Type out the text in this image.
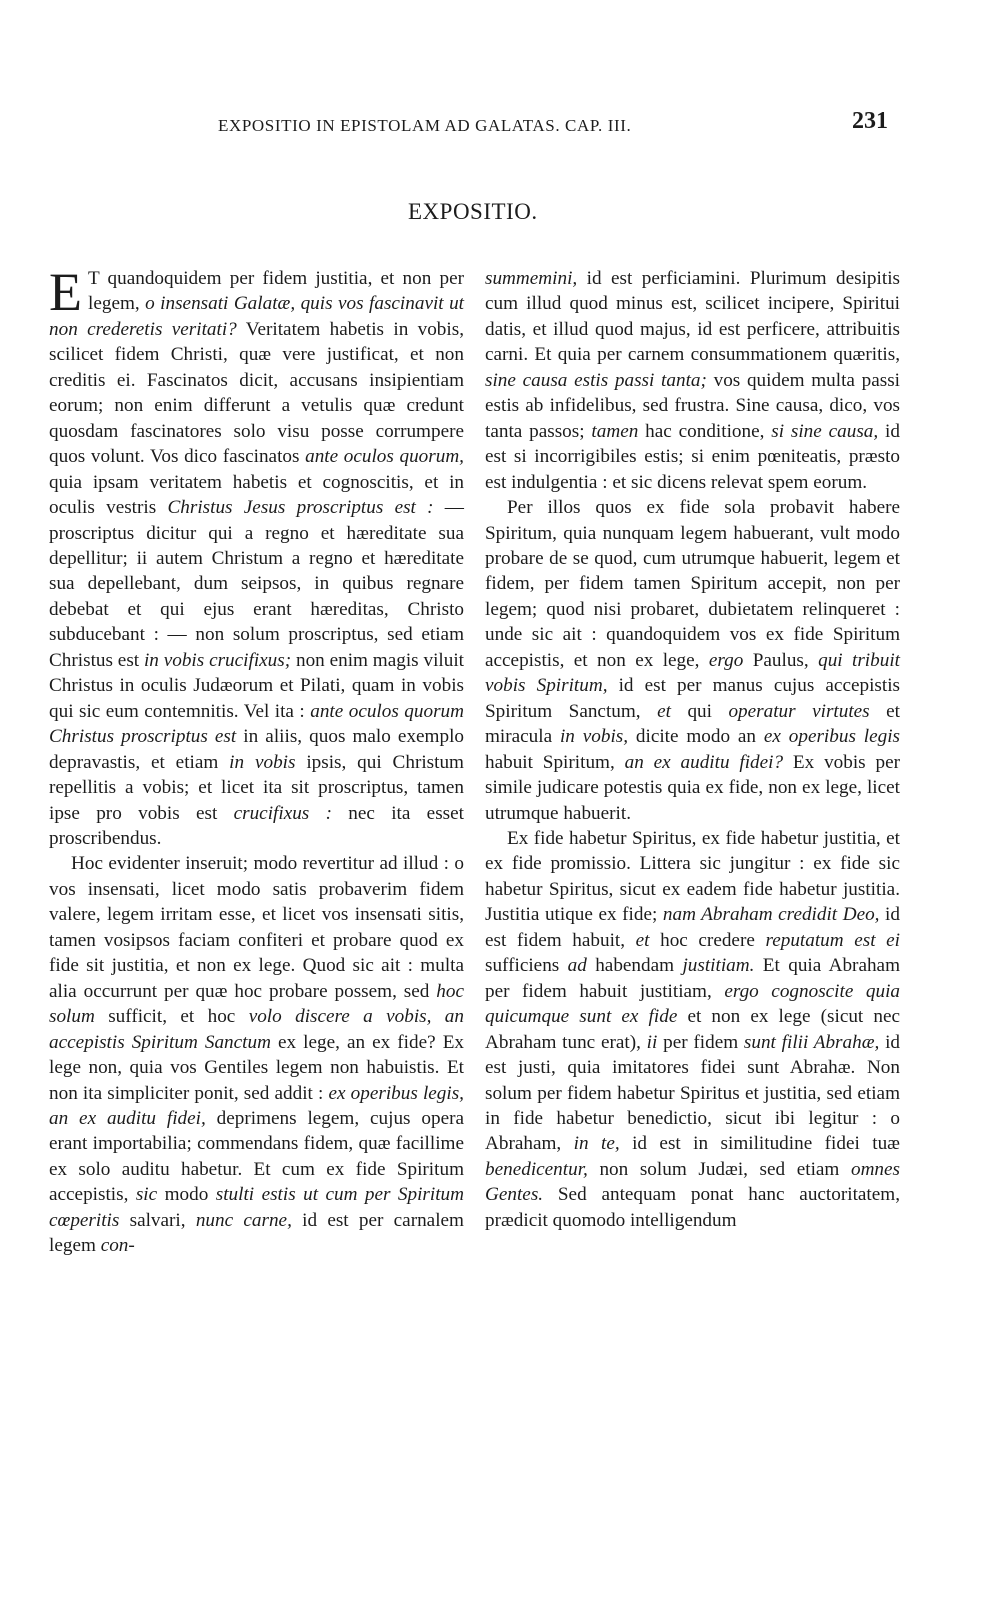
EXPOSITIO IN EPISTOLAM AD GALATAS. CAP. III.	231
EXPOSITIO.

E T quandoquidem per fidem justitia, et non per legem, o insensati Galatæ, quis vos fascinavit ut non crederetis veritati? Veritatem habetis in vobis, scilicet fidem Christi, quæ vere justificat, et non creditis ei. Fascinatos dicit, accusans insipientiam eorum; non enim differunt a vetulis quæ credunt quosdam fascinatores solo visu posse corrumpere quos volunt. Vos dico fascinatos ante oculos quorum, quia ipsam veritatem habetis et cognoscitis, et in oculis vestris Christus Jesus proscriptus est : — proscriptus dicitur qui a regno et hæreditate sua depellitur; ii autem Christum a regno et hæreditate sua depellebant, dum seipsos, in quibus regnare debebat et qui ejus erant hæreditas, Christo subducebant : — non solum proscriptus, sed etiam Christus est in vobis crucifixus; non enim magis viluit Christus in oculis Judæorum et Pilati, quam in vobis qui sic eum contemnitis. Vel ita : ante oculos quorum Christus proscriptus est in aliis, quos malo exemplo depravastis, et etiam in vobis ipsis, qui Christum repellitis a vobis; et licet ita sit proscriptus, tamen ipse pro vobis est crucifixus : nec ita esset proscribendus.

Hoc evidenter inseruit; modo revertitur ad illud : o vos insensati, licet modo satis probaverim fidem valere, legem irritam esse, et licet vos insensati sitis, tamen vosipsos faciam confiteri et probare quod ex fide sit justitia, et non ex lege. Quod sic ait : multa alia occurrunt per quæ hoc probare possem, sed hoc solum sufficit, et hoc volo discere a vobis, an accepistis Spiritum Sanctum ex lege, an ex fide? Ex lege non, quia vos Gentiles legem non habuistis. Et non ita simpliciter ponit, sed addit : ex operibus legis, an ex auditu fidei, deprimens legem, cujus opera erant importabilia; commendans fidem, quæ facillime ex solo auditu habetur. Et cum ex fide Spiritum accepistis, sic modo stulti estis ut cum per Spiritum cœperitis salvari, nunc carne, id est per carnalem legem con-

summemini, id est perficiamini. Plurimum desipitis cum illud quod minus est, scilicet incipere, Spiritui datis, et illud quod majus, id est perficere, attribuitis carni. Et quia per carnem consummationem quæritis, sine causa estis passi tanta; vos quidem multa passi estis ab infidelibus, sed frustra. Sine causa, dico, vos tanta passos; tamen hac conditione, si sine causa, id est si incorrigibiles estis; si enim pœniteatis, præsto est indulgentia : et sic dicens relevat spem eorum.

Per illos quos ex fide sola probavit habere Spiritum, quia nunquam legem habuerant, vult modo probare de se quod, cum utrumque habuerit, legem et fidem, per fidem tamen Spiritum accepit, non per legem; quod nisi probaret, dubietatem relinqueret : unde sic ait : quandoquidem vos ex fide Spiritum accepistis, et non ex lege, ergo Paulus, qui tribuit vobis Spiritum, id est per manus cujus accepistis Spiritum Sanctum, et qui operatur virtutes et miracula in vobis, dicite modo an ex operibus legis habuit Spiritum, an ex auditu fidei? Ex vobis per simile judicare potestis quia ex fide, non ex lege, licet utrumque habuerit.

Ex fide habetur Spiritus, ex fide habetur justitia, et ex fide promissio. Littera sic jungitur : ex fide sic habetur Spiritus, sicut ex eadem fide habetur justitia. Justitia utique ex fide; nam Abraham credidit Deo, id est fidem habuit, et hoc credere reputatum est ei sufficiens ad habendam justitiam. Et quia Abraham per fidem habuit justitiam, ergo cognoscite quia quicumque sunt ex fide et non ex lege (sicut nec Abraham tunc erat), ii per fidem sunt filii Abrahæ, id est justi, quia imitatores fidei sunt Abrahæ. Non solum per fidem habetur Spiritus et justitia, sed etiam in fide habetur benedictio, sicut ibi legitur : o Abraham, in te, id est in similitudine fidei tuæ benedicentur, non solum Judæi, sed etiam omnes Gentes. Sed antequam ponat hanc auctoritatem, prædicit quomodo intelligendum
